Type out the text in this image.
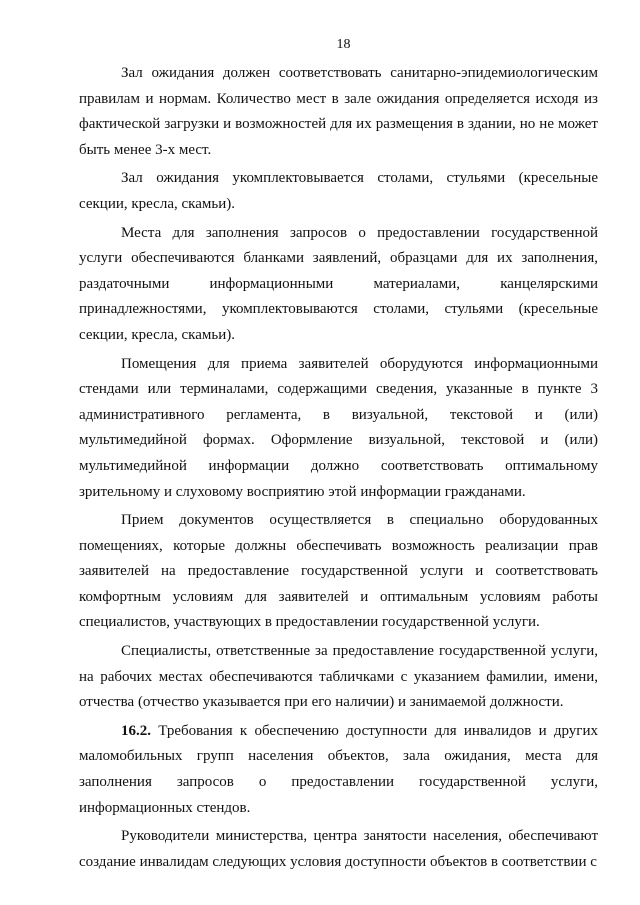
18

Зал ожидания должен соответствовать санитарно-эпидемиологическим правилам и нормам. Количество мест в зале ожидания определяется исходя из фактической загрузки и возможностей для их размещения в здании, но не может быть менее 3-х мест.

Зал ожидания укомплектовывается столами, стульями (кресельные секции, кресла, скамьи).

Места для заполнения запросов о предоставлении государственной услуги обеспечиваются бланками заявлений, образцами для их заполнения, раздаточными информационными материалами, канцелярскими принадлежностями, укомплектовываются столами, стульями (кресельные секции, кресла, скамьи).

Помещения для приема заявителей оборудуются информационными стендами или терминалами, содержащими сведения, указанные в пункте 3 административного регламента, в визуальной, текстовой и (или) мультимедийной формах. Оформление визуальной, текстовой и (или) мультимедийной информации должно соответствовать оптимальному зрительному и слуховому восприятию этой информации гражданами.

Прием документов осуществляется в специально оборудованных помещениях, которые должны обеспечивать возможность реализации прав заявителей на предоставление государственной услуги и соответствовать комфортным условиям для заявителей и оптимальным условиям работы специалистов, участвующих в предоставлении государственной услуги.

Специалисты, ответственные за предоставление государственной услуги, на рабочих местах обеспечиваются табличками с указанием фамилии, имени, отчества (отчество указывается при его наличии) и занимаемой должности.

16.2. Требования к обеспечению доступности для инвалидов и других маломобильных групп населения объектов, зала ожидания, места для заполнения запросов о предоставлении государственной услуги, информационных стендов.

Руководители министерства, центра занятости населения, обеспечивают создание инвалидам следующих условия доступности объектов в соответствии с
